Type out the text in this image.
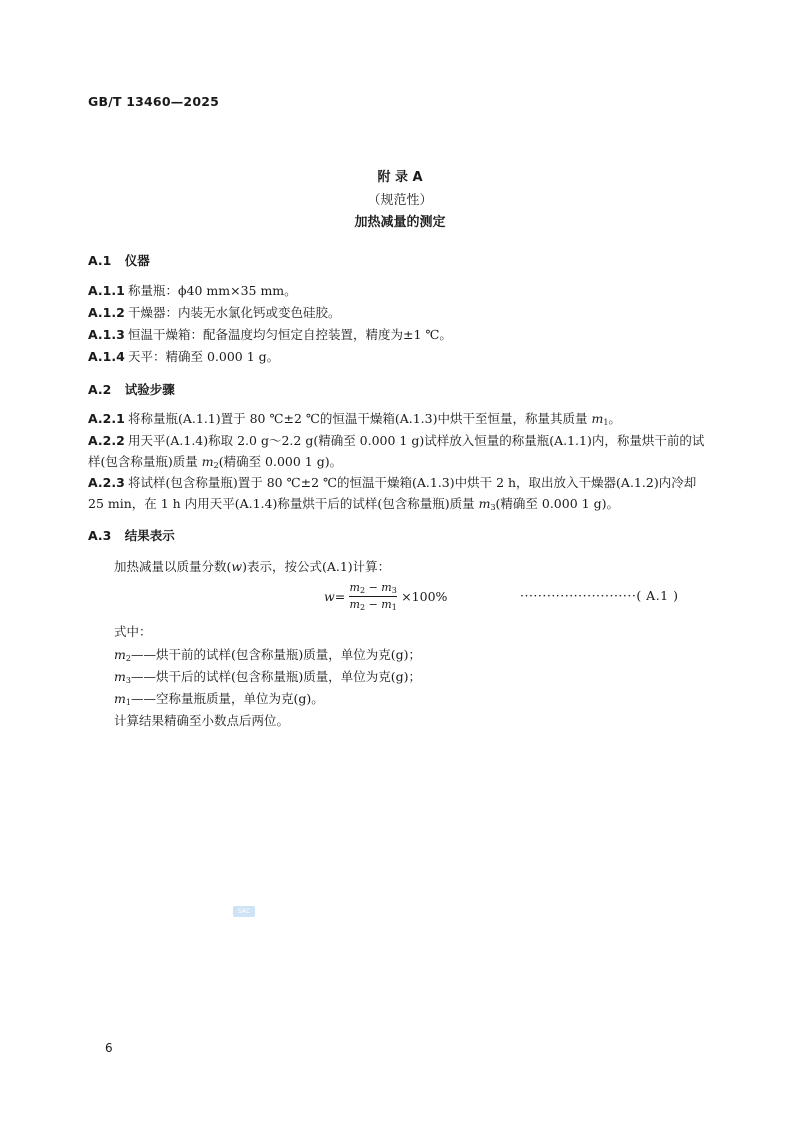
GB/T 13460—2025
附 录 A
（规范性）
加热减量的测定
A.1 仪器
A.1.1 称量瓶：ϕ40 mm×35 mm。
A.1.2 干燥器：内装无水氯化钙或变色硅胶。
A.1.3 恒温干燥箱：配备温度均匀恒定自控装置，精度为±1 ℃。
A.1.4 天平：精确至 0.000 1 g。
A.2 试验步骤
A.2.1 将称量瓶(A.1.1)置于 80 ℃±2 ℃的恒温干燥箱(A.1.3)中烘干至恒量，称量其质量 $m_1$。
A.2.2 用天平(A.1.4)称取 2.0 g～2.2 g(精确至 0.000 1 g)试样放入恒量的称量瓶(A.1.1)内，称量烘干前的试样(包含称量瓶)质量 $m_2$(精确至 0.000 1 g)。
A.2.3 将试样(包含称量瓶)置于 80 ℃±2 ℃的恒温干燥箱(A.1.3)中烘干 2 h，取出放入干燥器(A.1.2)内冷却 25 min，在 1 h 内用天平(A.1.4)称量烘干后的试样(包含称量瓶)质量 $m_3$(精确至 0.000 1 g)。
A.3 结果表示
加热减量以质量分数(w)表示，按公式(A.1)计算：
$w = \frac{m_2 - m_3}{m_2 - m_1} \times 100\%$	··························( A.1 )
式中：
$m_2——$烘干前的试样(包含称量瓶)质量，单位为克(g)；
$m_3——$烘干后的试样(包含称量瓶)质量，单位为克(g)；
$m_1——$空称量瓶质量，单位为克(g)。
计算结果精确至小数点后两位。
SAC
6
